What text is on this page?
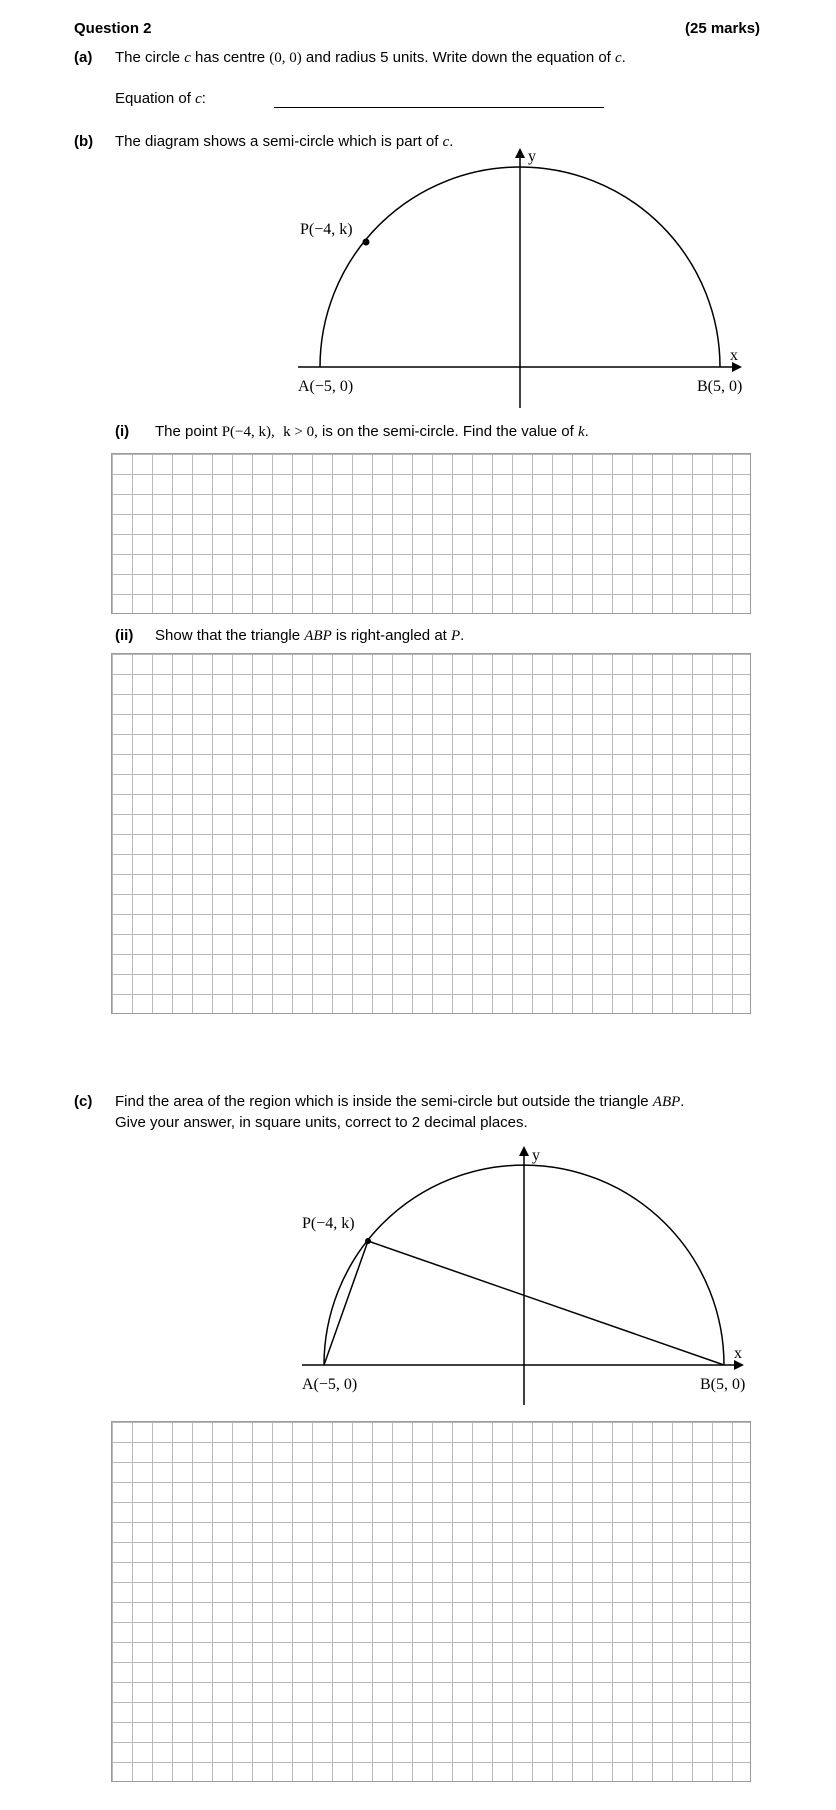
Question 2	(25 marks)
(a) The circle c has centre (0, 0) and radius 5 units. Write down the equation of c.
Equation of c:
(b) The diagram shows a semi-circle which is part of c.
y
x
P(−4, k)
A(−5, 0)	B(5, 0)
(i) The point P(−4, k), k > 0, is on the semi-circle. Find the value of k.
(ii) Show that the triangle ABP is right-angled at P.
(c) Find the area of the region which is inside the semi-circle but outside the triangle ABP.
Give your answer, in square units, correct to 2 decimal places.
y
x
P(−4, k)
A(−5, 0)	B(5, 0)
